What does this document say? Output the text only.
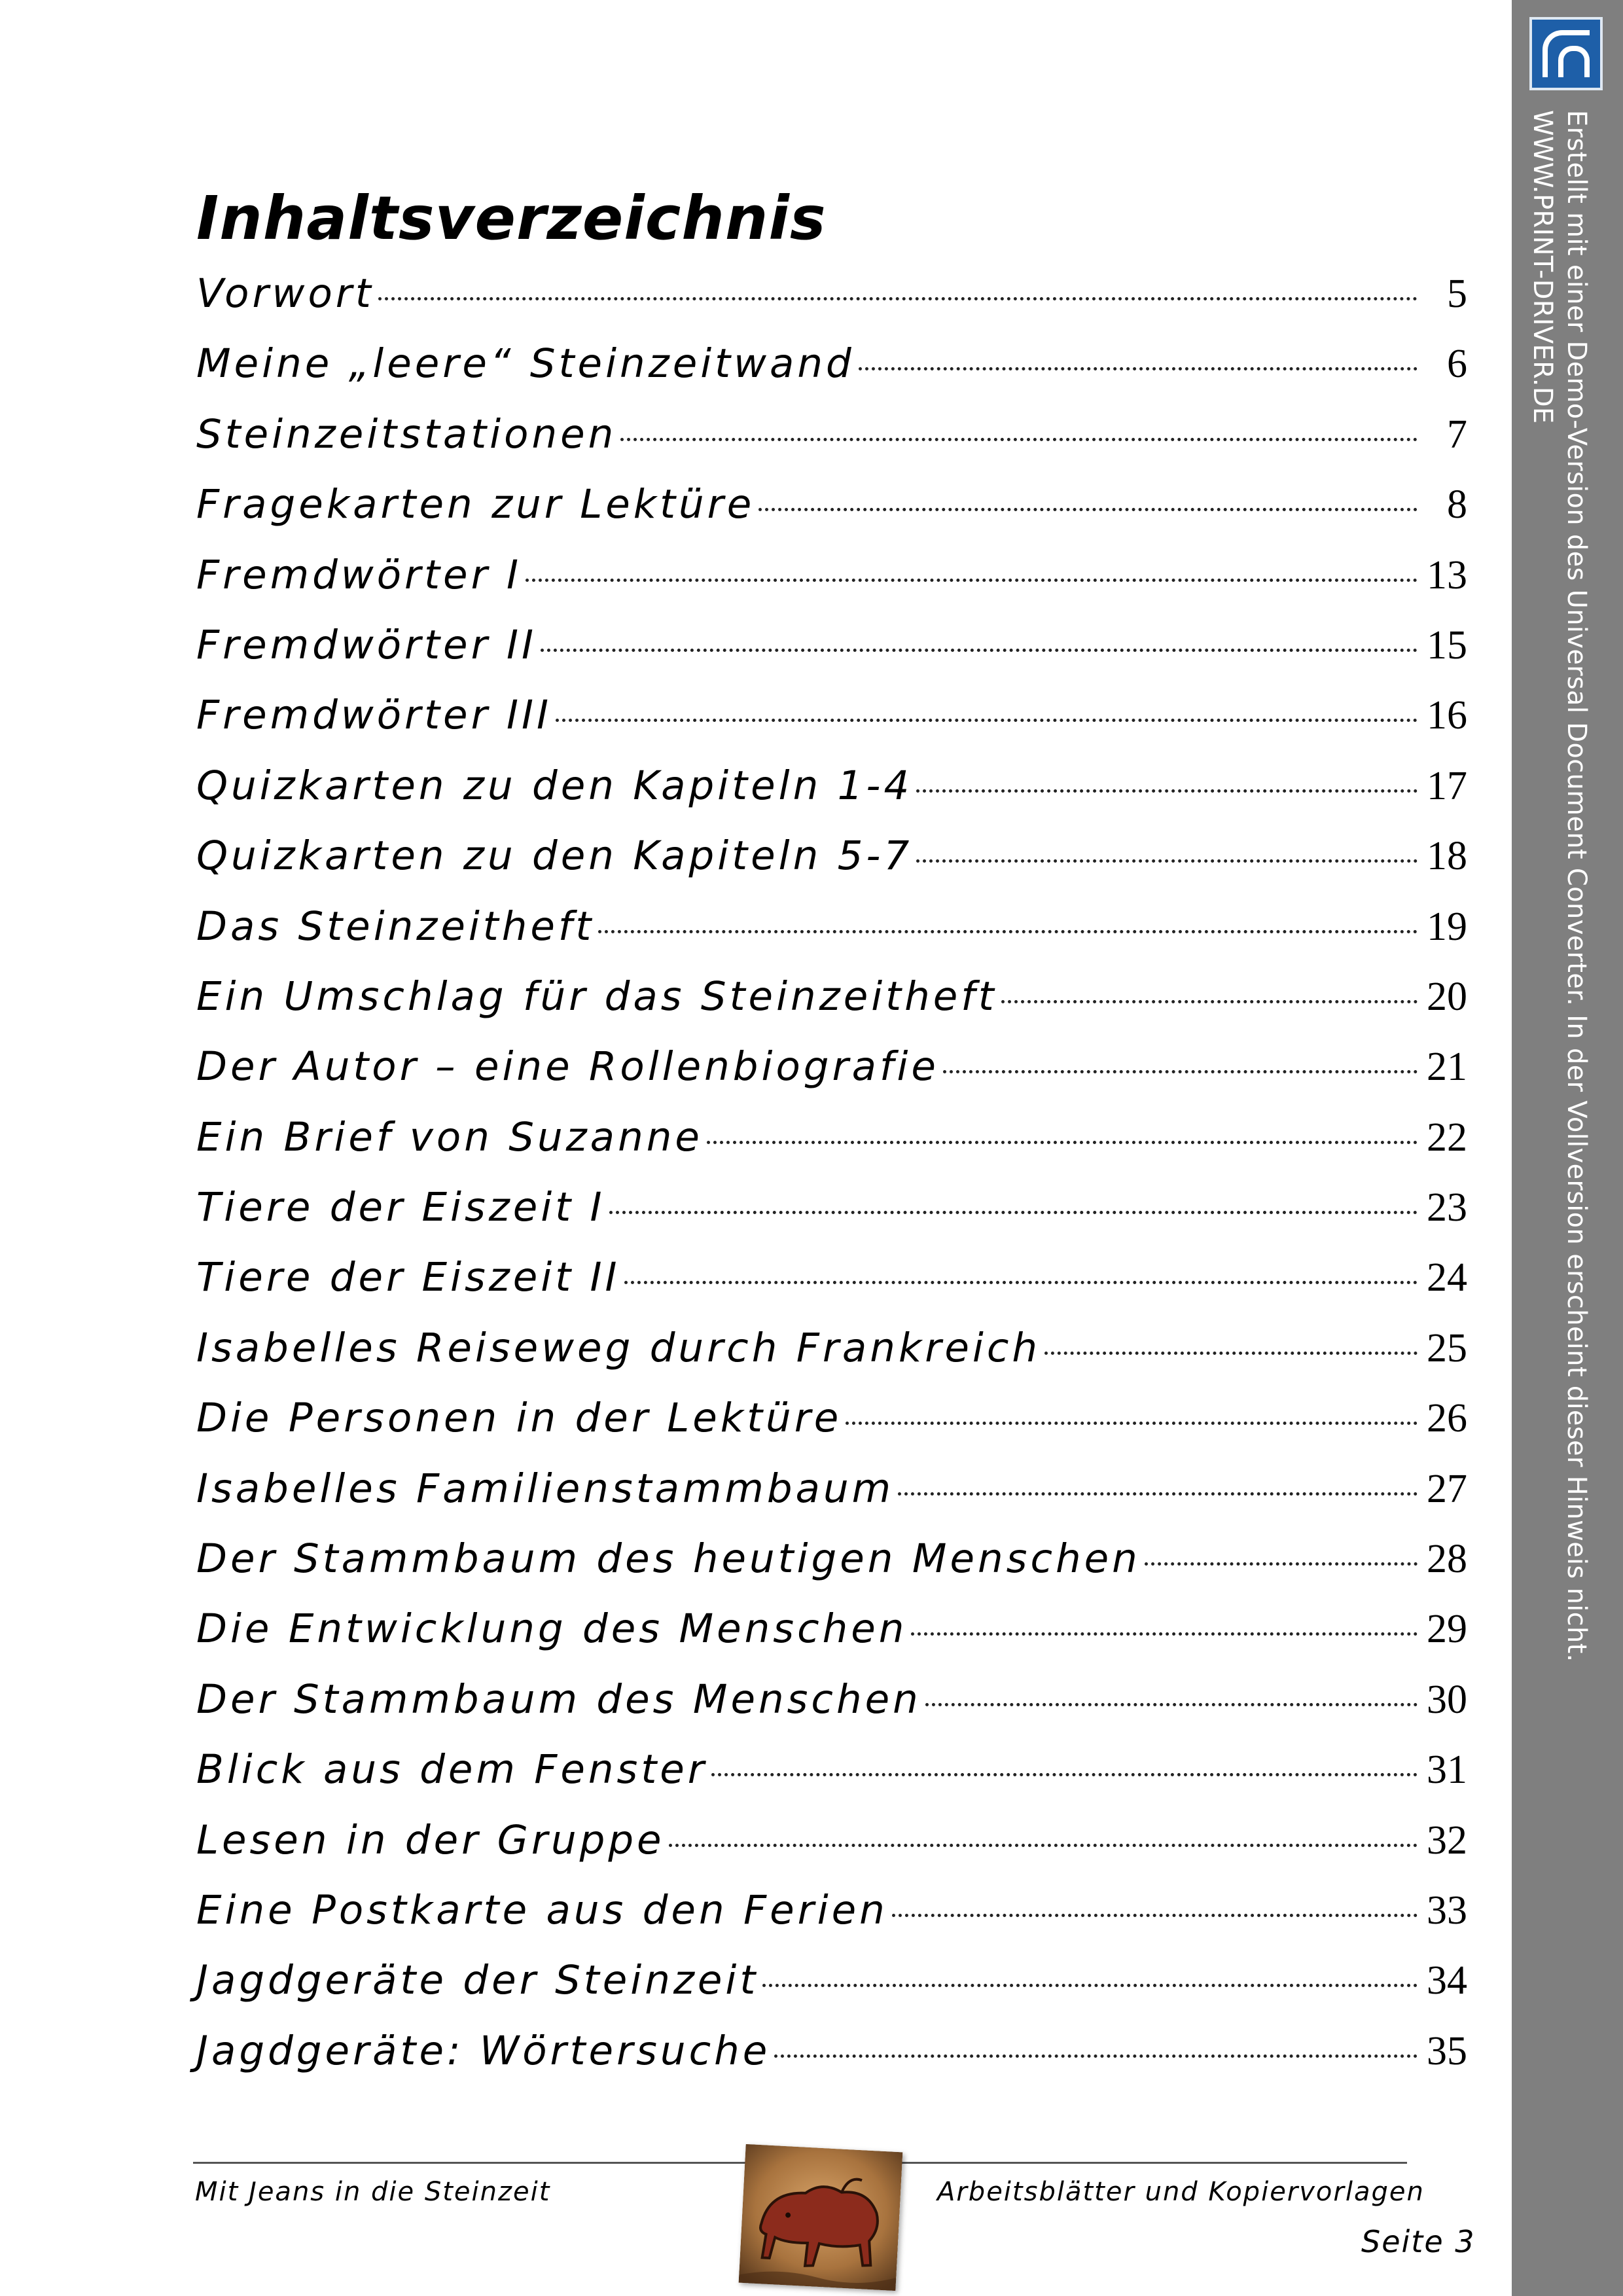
Inhaltsverzeichnis
Vorwort	5
Meine „leere“ Steinzeitwand	6
Steinzeitstationen	7
Fragekarten zur Lektüre	8
Fremdwörter I	13
Fremdwörter II	15
Fremdwörter III	16
Quizkarten zu den Kapiteln 1-4	17
Quizkarten zu den Kapiteln 5-7	18
Das Steinzeitheft	19
Ein Umschlag für das Steinzeitheft	20
Der Autor – eine Rollenbiografie	21
Ein Brief von Suzanne	22
Tiere der Eiszeit I	23
Tiere der Eiszeit II	24
Isabelles Reiseweg durch Frankreich	25
Die Personen in der Lektüre	26
Isabelles Familienstammbaum	27
Der Stammbaum des heutigen Menschen	28
Die Entwicklung des Menschen	29
Der Stammbaum des Menschen	30
Blick aus dem Fenster	31
Lesen in der Gruppe	32
Eine Postkarte aus den Ferien	33
Jagdgeräte der Steinzeit	34
Jagdgeräte: Wörtersuche	35
Mit Jeans in die Steinzeit	Arbeitsblätter und Kopiervorlagen
Seite 3
Erstellt mit einer Demo-Version des Universal Document Converter. In der Vollversion erscheint dieser Hinweis nicht.
WWW.PRINT-DRIVER.DE
